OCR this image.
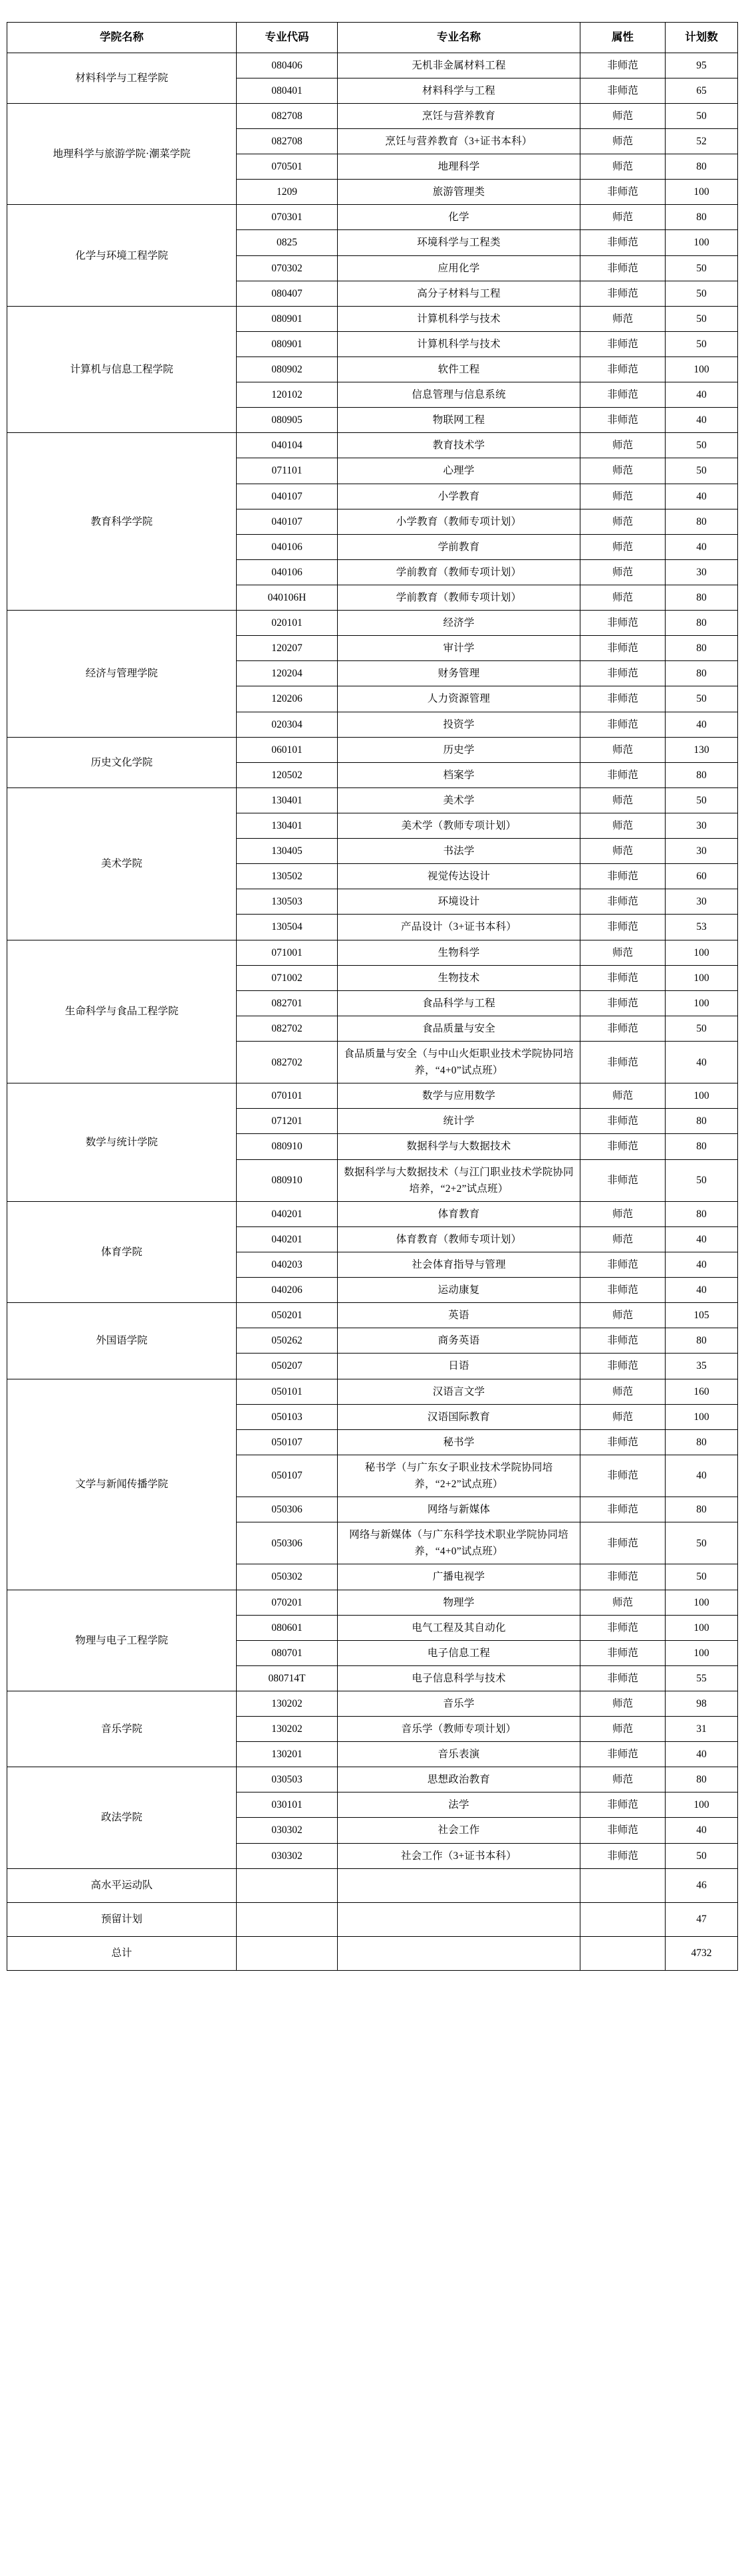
学院名称	专业代码	专业名称	属性	计划数
材料科学与工程学院	080406	无机非金属材料工程	非师范	95
	080401	材料科学与工程	非师范	65
地理科学与旅游学院·潮菜学院	082708	烹饪与营养教育	师范	50
	082708	烹饪与营养教育（3+证书本科）	师范	52
	070501	地理科学	师范	80
	1209	旅游管理类	非师范	100
化学与环境工程学院	070301	化学	师范	80
	0825	环境科学与工程类	非师范	100
	070302	应用化学	非师范	50
	080407	高分子材料与工程	非师范	50
计算机与信息工程学院	080901	计算机科学与技术	师范	50
	080901	计算机科学与技术	非师范	50
	080902	软件工程	非师范	100
	120102	信息管理与信息系统	非师范	40
	080905	物联网工程	非师范	40
教育科学学院	040104	教育技术学	师范	50
	071101	心理学	师范	50
	040107	小学教育	师范	40
	040107	小学教育（教师专项计划）	师范	80
	040106	学前教育	师范	40
	040106	学前教育（教师专项计划）	师范	30
	040106H	学前教育（教师专项计划）	师范	80
经济与管理学院	020101	经济学	非师范	80
	120207	审计学	非师范	80
	120204	财务管理	非师范	80
	120206	人力资源管理	非师范	50
	020304	投资学	非师范	40
历史文化学院	060101	历史学	师范	130
	120502	档案学	非师范	80
美术学院	130401	美术学	师范	50
	130401	美术学（教师专项计划）	师范	30
	130405	书法学	师范	30
	130502	视觉传达设计	非师范	60
	130503	环境设计	非师范	30
	130504	产品设计（3+证书本科）	非师范	53
生命科学与食品工程学院	071001	生物科学	师范	100
	071002	生物技术	非师范	100
	082701	食品科学与工程	非师范	100
	082702	食品质量与安全	非师范	50
	082702	食品质量与安全（与中山火炬职业技术学院协同培养，“4+0”试点班）	非师范	40
数学与统计学院	070101	数学与应用数学	师范	100
	071201	统计学	非师范	80
	080910	数据科学与大数据技术	非师范	80
	080910	数据科学与大数据技术（与江门职业技术学院协同培养，“2+2”试点班）	非师范	50
体育学院	040201	体育教育	师范	80
	040201	体育教育（教师专项计划）	师范	40
	040203	社会体育指导与管理	非师范	40
	040206	运动康复	非师范	40
外国语学院	050201	英语	师范	105
	050262	商务英语	非师范	80
	050207	日语	非师范	35
文学与新闻传播学院	050101	汉语言文学	师范	160
	050103	汉语国际教育	师范	100
	050107	秘书学	非师范	80
	050107	秘书学（与广东女子职业技术学院协同培养，“2+2”试点班）	非师范	40
	050306	网络与新媒体	非师范	80
	050306	网络与新媒体（与广东科学技术职业学院协同培养，“4+0”试点班）	非师范	50
	050302	广播电视学	非师范	50
物理与电子工程学院	070201	物理学	师范	100
	080601	电气工程及其自动化	非师范	100
	080701	电子信息工程	非师范	100
	080714T	电子信息科学与技术	非师范	55
音乐学院	130202	音乐学	师范	98
	130202	音乐学（教师专项计划）	师范	31
	130201	音乐表演	非师范	40
政法学院	030503	思想政治教育	师范	80
	030101	法学	非师范	100
	030302	社会工作	非师范	40
	030302	社会工作（3+证书本科）	非师范	50
高水平运动队				46
预留计划				47
总计				4732
